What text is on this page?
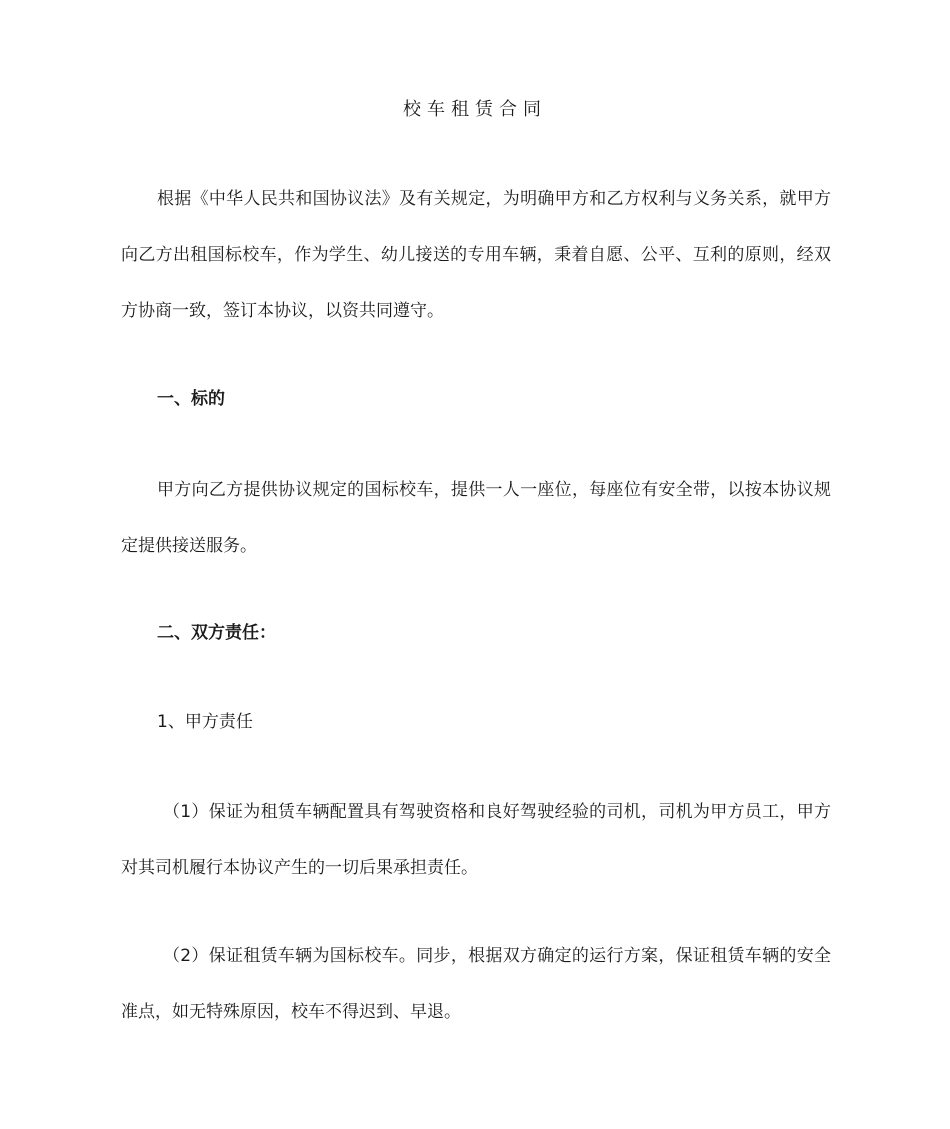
校车租赁合同

根据《中华人民共和国协议法》及有关规定，为明确甲方和乙方权利与义务关系，就甲方向乙方出租国标校车，作为学生、幼儿接送的专用车辆，秉着自愿、公平、互利的原则，经双方协商一致，签订本协议，以资共同遵守。

一、标的

甲方向乙方提供协议规定的国标校车，提供一人一座位，每座位有安全带，以按本协议规定提供接送服务。

二、双方责任：
1、甲方责任

（1）保证为租赁车辆配置具有驾驶资格和良好驾驶经验的司机，司机为甲方员工，甲方对其司机履行本协议产生的一切后果承担责任。

（2）保证租赁车辆为国标校车。同步，根据双方确定的运行方案，保证租赁车辆的安全准点，如无特殊原因，校车不得迟到、早退。
